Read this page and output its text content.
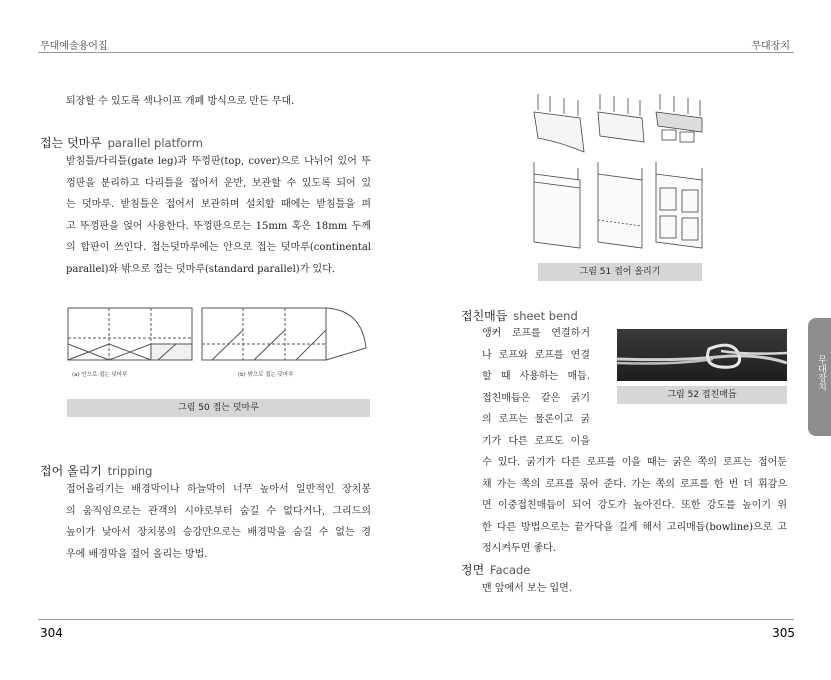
무대예술용어집	무대장치
퇴장할 수 있도록 색나이프 개폐 방식으로 만든 무대.
접는 덧마루 parallel platform
받침틀/다리틀(gate leg)과 뚜껑판(top, cover)으로 나뉘어 있어 뚜
껑판을 분리하고 다리틀을 접어서 운반, 보관할 수 있도록 되어 있
는 덧마루. 받침틀은 접어서 보관하며 설치할 때에는 받침틀을 펴
고 뚜껑판을 얹어 사용한다. 뚜껑판으로는 15mm 혹은 18mm 두께
의 합판이 쓰인다. 접는덧마루에는 안으로 접는 덧마루(continental
parallel)와 밖으로 접는 덧마루(standard parallel)가 있다.
(a) 안으로 접는 덧마루	(b) 밖으로 접는 덧마루
그림 50 접는 덧마루
접어 올리기 tripping
접어올리기는 배경막이나 하늘막이 너무 높아서 일반적인 장치봉
의 움직임으로는 관객의 시야로부터 숨길 수 없다거나, 그리드의
높이가 낮아서 장치봉의 승강만으로는 배경막을 숨길 수 없는 경
우에 배경막을 접어 올리는 방법.
그림 51 접어 올리기
접친매듭 sheet bend
앵커 로프를 연결하거
나 로프와 로프를 연결
할 때 사용하는 매듭.
접친매듭은 같은 굵기
의 로프는 물론이고 굵
기가 다른 로프도 이을
그림 52 접친매듭
수 있다. 굵기가 다른 로프를 이을 때는 굵은 쪽의 로프는 접어둔
채 가는 쪽의 로프를 묶어 준다. 가는 쪽의 로프를 한 번 더 휘감으
면 이중접친매듭이 되어 강도가 높아진다. 또한 강도를 높이기 위
한 다른 방법으로는 끝가닥을 길게 해서 고리매듭(bowline)으로 고
정시켜두면 좋다.
정면 Facade
맨 앞에서 보는 입면.
무대장치
304	305
